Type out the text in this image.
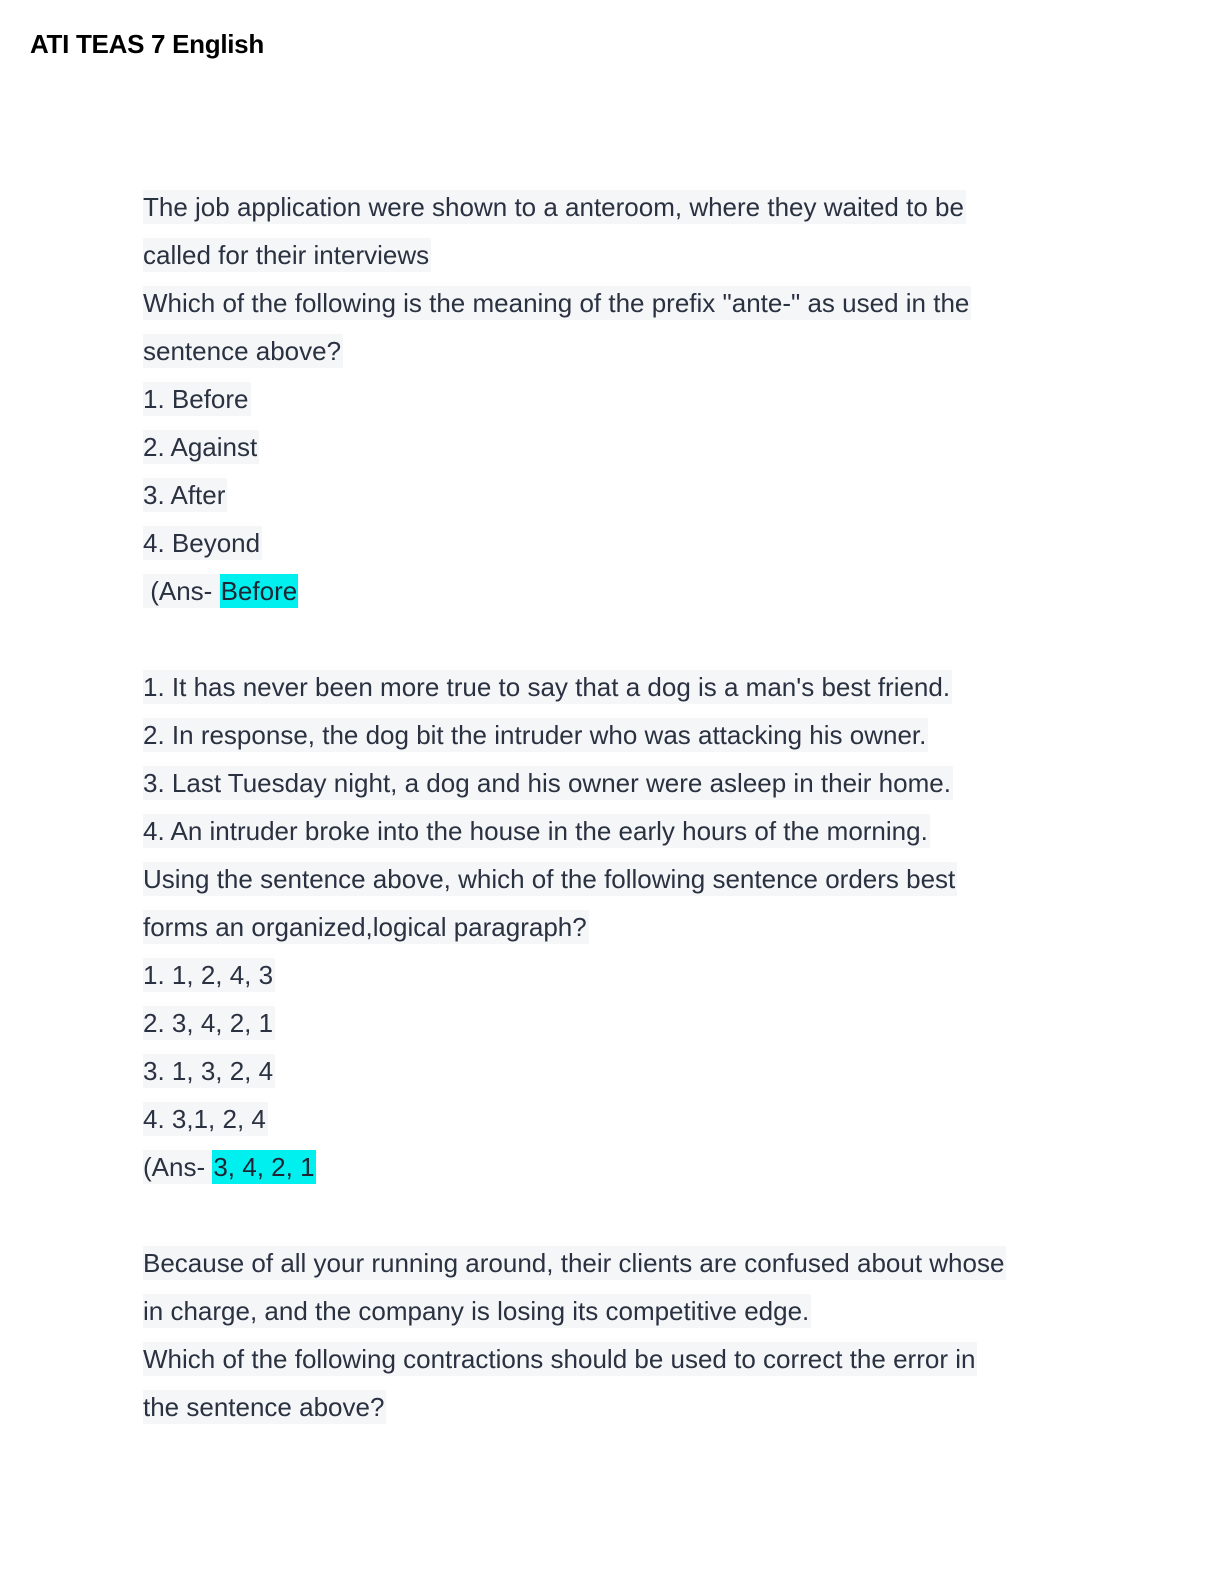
ATI TEAS 7 English
The job application were shown to a anteroom, where they waited to be
called for their interviews
Which of the following is the meaning of the prefix "ante-" as used in the
sentence above?
1. Before
2. Against
3. After
4. Beyond
(Ans- Before
1. It has never been more true to say that a dog is a man's best friend.
2. In response, the dog bit the intruder who was attacking his owner.
3. Last Tuesday night, a dog and his owner were asleep in their home.
4. An intruder broke into the house in the early hours of the morning.
Using the sentence above, which of the following sentence orders best
forms an organized,logical paragraph?
1. 1, 2, 4, 3
2. 3, 4, 2, 1
3. 1, 3, 2, 4
4. 3,1, 2, 4
(Ans- 3, 4, 2, 1
Because of all your running around, their clients are confused about whose
in charge, and the company is losing its competitive edge.
Which of the following contractions should be used to correct the error in
the sentence above?
